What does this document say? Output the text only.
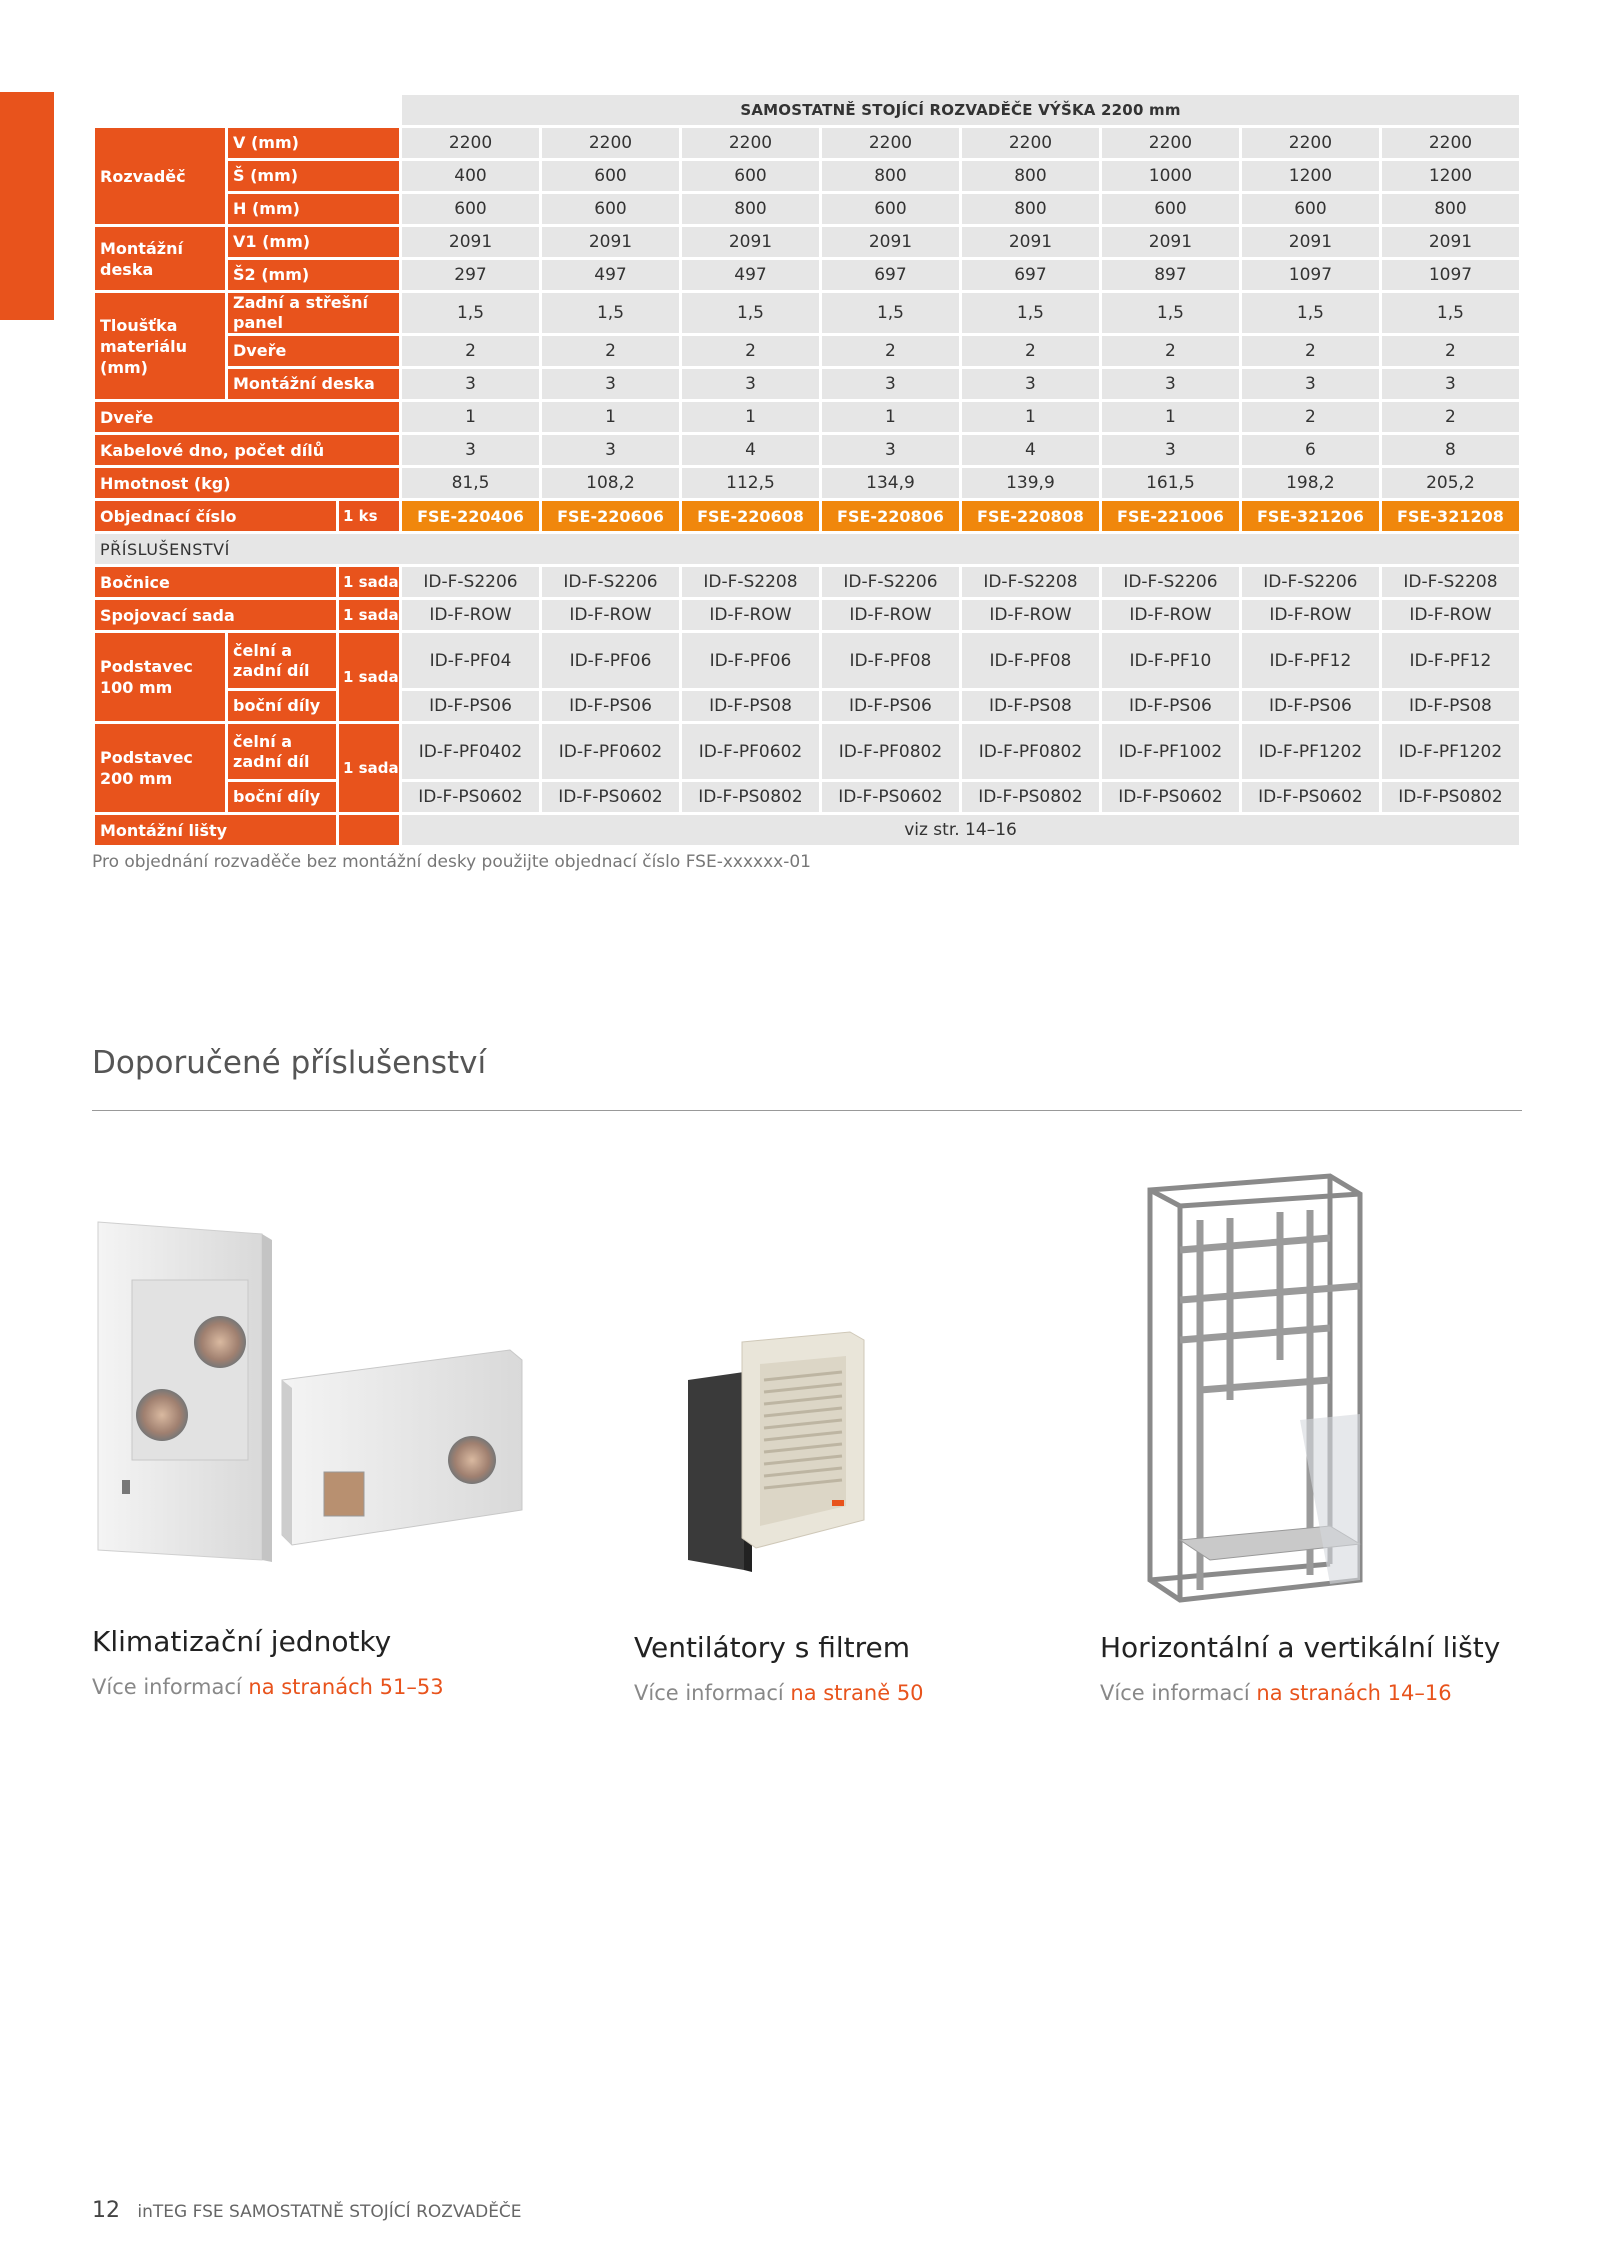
			SAMOSTATNĚ STOJÍCÍ ROZVADĚČE VÝŠKA 2200 mm							
Rozvaděč	V (mm)		2200	2200	2200	2200	2200	2200	2200	2200
	Š (mm)		400	600	600	800	800	1000	1200	1200
	H (mm)		600	600	800	600	800	600	600	800
Montážní deska	V1 (mm)		2091	2091	2091	2091	2091	2091	2091	2091
	Š2 (mm)		297	497	497	697	697	897	1097	1097
Tloušťka materiálu (mm)	Zadní a střešní panel		1,5	1,5	1,5	1,5	1,5	1,5	1,5	1,5
	Dveře		2	2	2	2	2	2	2	2
	Montážní deska		3	3	3	3	3	3	3	3
Dveře			1	1	1	1	1	1	2	2
Kabelové dno, počet dílů			3	3	4	3	4	3	6	8
Hmotnost (kg)			81,5	108,2	112,5	134,9	139,9	161,5	198,2	205,2
Objednací číslo		1 ks	FSE-220406	FSE-220606	FSE-220608	FSE-220806	FSE-220808	FSE-221006	FSE-321206	FSE-321208
PŘÍSLUŠENSTVÍ										
Bočnice		1 sada	ID-F-S2206	ID-F-S2206	ID-F-S2208	ID-F-S2206	ID-F-S2208	ID-F-S2206	ID-F-S2206	ID-F-S2208
Spojovací sada		1 sada	ID-F-ROW	ID-F-ROW	ID-F-ROW	ID-F-ROW	ID-F-ROW	ID-F-ROW	ID-F-ROW	ID-F-ROW
Podstavec 100 mm	čelní a zadní díl	1 sada	ID-F-PF04	ID-F-PF06	ID-F-PF06	ID-F-PF08	ID-F-PF08	ID-F-PF10	ID-F-PF12	ID-F-PF12
	boční díly		ID-F-PS06	ID-F-PS06	ID-F-PS08	ID-F-PS06	ID-F-PS08	ID-F-PS06	ID-F-PS06	ID-F-PS08
Podstavec 200 mm	čelní a zadní díl	1 sada	ID-F-PF0402	ID-F-PF0602	ID-F-PF0602	ID-F-PF0802	ID-F-PF0802	ID-F-PF1002	ID-F-PF1202	ID-F-PF1202
	boční díly		ID-F-PS0602	ID-F-PS0602	ID-F-PS0802	ID-F-PS0602	ID-F-PS0802	ID-F-PS0602	ID-F-PS0602	ID-F-PS0802
Montážní lišty			viz str. 14–16							
Pro objednání rozvaděče bez montážní desky použijte objednací číslo FSE-xxxxxx-01
Doporučené příslušenství
Klimatizační jednotky
Více informací na stranách 51–53
Ventilátory s filtrem
Více informací na straně 50
Horizontální a vertikální lišty
Více informací na stranách 14–16
12 inTEG FSE SAMOSTATNĚ STOJÍCÍ ROZVADĚČE
